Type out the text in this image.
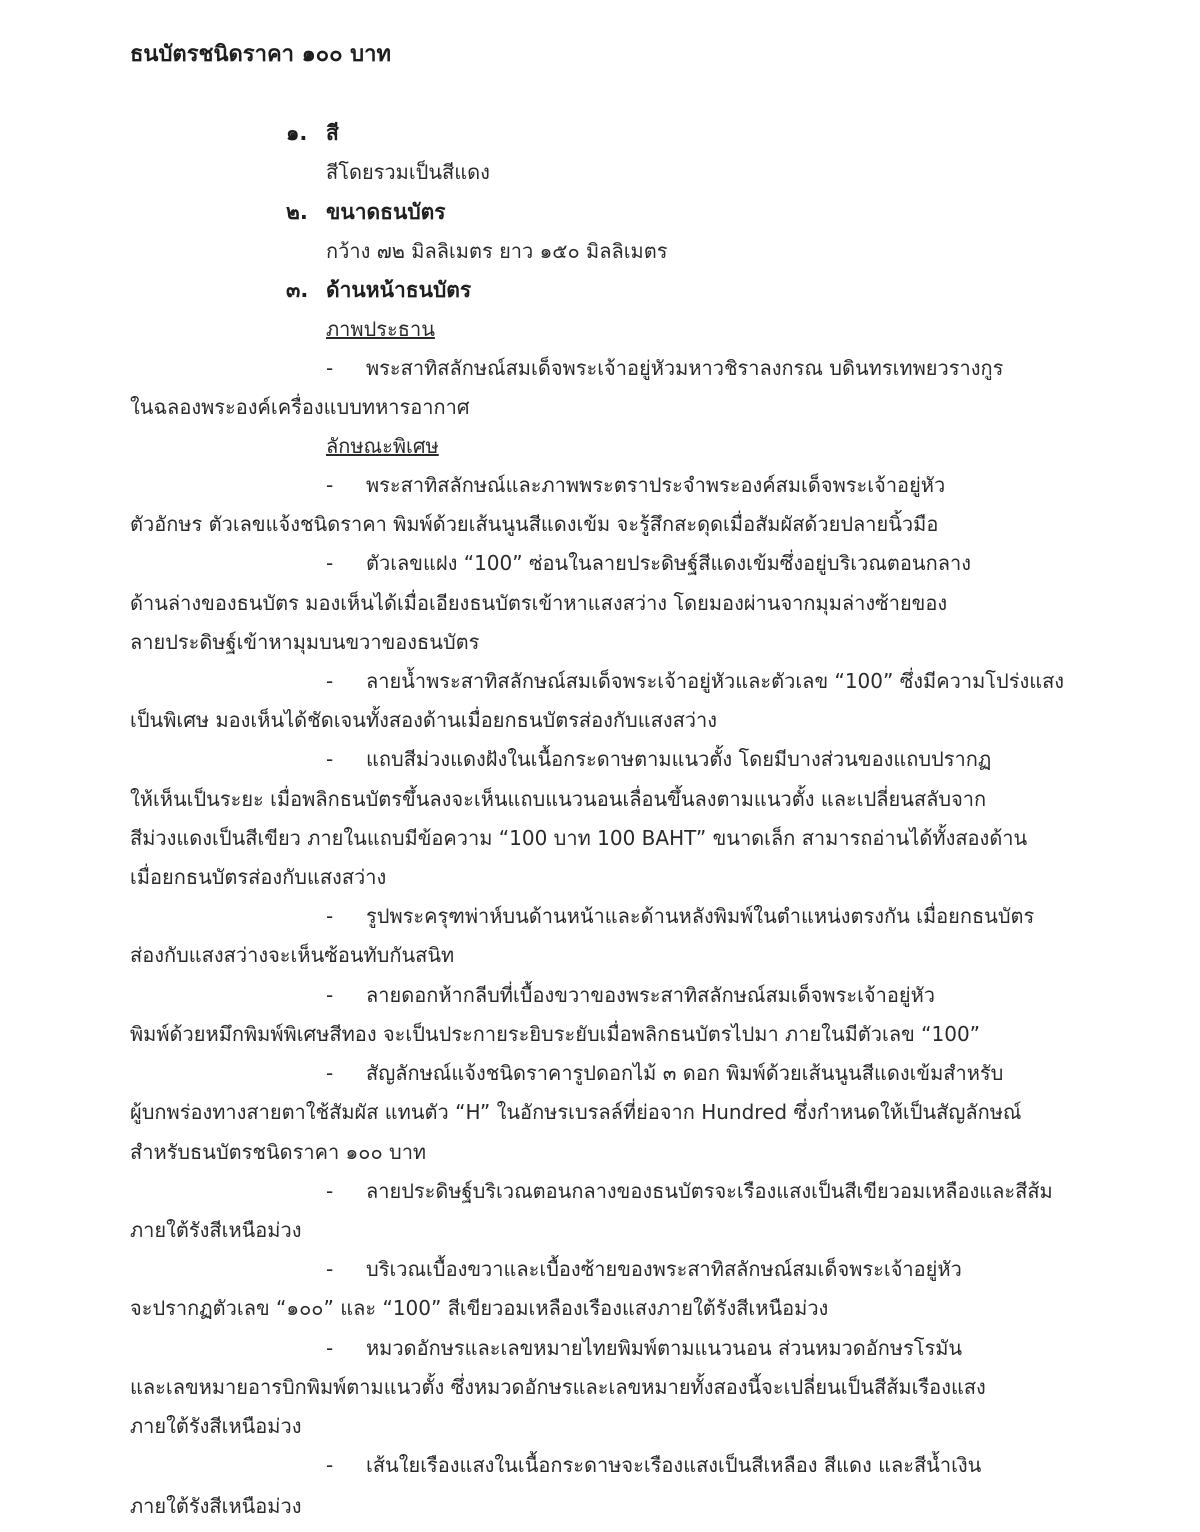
ธนบัตรชนิดราคา ๑๐๐ บาท
๑. สี
สีโดยรวมเป็นสีแดง
๒. ขนาดธนบัตร
กว้าง ๗๒ มิลลิเมตร ยาว ๑๕๐ มิลลิเมตร
๓. ด้านหน้าธนบัตร
ภาพประธาน
- พระสาทิสลักษณ์สมเด็จพระเจ้าอยู่หัวมหาวชิราลงกรณ บดินทรเทพยวรางกูร
ในฉลองพระองค์เครื่องแบบทหารอากาศ
ลักษณะพิเศษ
- พระสาทิสลักษณ์และภาพพระตราประจำพระองค์สมเด็จพระเจ้าอยู่หัว
ตัวอักษร ตัวเลขแจ้งชนิดราคา พิมพ์ด้วยเส้นนูนสีแดงเข้ม จะรู้สึกสะดุดเมื่อสัมผัสด้วยปลายนิ้วมือ
- ตัวเลขแฝง “100” ซ่อนในลายประดิษฐ์สีแดงเข้มซึ่งอยู่บริเวณตอนกลาง
ด้านล่างของธนบัตร มองเห็นได้เมื่อเอียงธนบัตรเข้าหาแสงสว่าง โดยมองผ่านจากมุมล่างซ้ายของ
ลายประดิษฐ์เข้าหามุมบนขวาของธนบัตร
- ลายน้ำพระสาทิสลักษณ์สมเด็จพระเจ้าอยู่หัวและตัวเลข “100” ซึ่งมีความโปร่งแสง
เป็นพิเศษ มองเห็นได้ชัดเจนทั้งสองด้านเมื่อยกธนบัตรส่องกับแสงสว่าง
- แถบสีม่วงแดงฝังในเนื้อกระดาษตามแนวตั้ง โดยมีบางส่วนของแถบปรากฏ
ให้เห็นเป็นระยะ เมื่อพลิกธนบัตรขึ้นลงจะเห็นแถบแนวนอนเลื่อนขึ้นลงตามแนวตั้ง และเปลี่ยนสลับจาก
สีม่วงแดงเป็นสีเขียว ภายในแถบมีข้อความ “100 บาท 100 BAHT” ขนาดเล็ก สามารถอ่านได้ทั้งสองด้าน
เมื่อยกธนบัตรส่องกับแสงสว่าง
- รูปพระครุฑพ่าห์บนด้านหน้าและด้านหลังพิมพ์ในตำแหน่งตรงกัน เมื่อยกธนบัตร
ส่องกับแสงสว่างจะเห็นซ้อนทับกันสนิท
- ลายดอกห้ากลีบที่เบื้องขวาของพระสาทิสลักษณ์สมเด็จพระเจ้าอยู่หัว
พิมพ์ด้วยหมึกพิมพ์พิเศษสีทอง จะเป็นประกายระยิบระยับเมื่อพลิกธนบัตรไปมา ภายในมีตัวเลข “100”
- สัญลักษณ์แจ้งชนิดราคารูปดอกไม้ ๓ ดอก พิมพ์ด้วยเส้นนูนสีแดงเข้มสำหรับ
ผู้บกพร่องทางสายตาใช้สัมผัส แทนตัว “H” ในอักษรเบรลล์ที่ย่อจาก Hundred ซึ่งกำหนดให้เป็นสัญลักษณ์
สำหรับธนบัตรชนิดราคา ๑๐๐ บาท
- ลายประดิษฐ์บริเวณตอนกลางของธนบัตรจะเรืองแสงเป็นสีเขียวอมเหลืองและสีส้ม
ภายใต้รังสีเหนือม่วง
- บริเวณเบื้องขวาและเบื้องซ้ายของพระสาทิสลักษณ์สมเด็จพระเจ้าอยู่หัว
จะปรากฏตัวเลข “๑๐๐” และ “100” สีเขียวอมเหลืองเรืองแสงภายใต้รังสีเหนือม่วง
- หมวดอักษรและเลขหมายไทยพิมพ์ตามแนวนอน ส่วนหมวดอักษรโรมัน
และเลขหมายอารบิกพิมพ์ตามแนวตั้ง ซึ่งหมวดอักษรและเลขหมายทั้งสองนี้จะเปลี่ยนเป็นสีส้มเรืองแสง
ภายใต้รังสีเหนือม่วง
- เส้นใยเรืองแสงในเนื้อกระดาษจะเรืองแสงเป็นสีเหลือง สีแดง และสีน้ำเงิน
ภายใต้รังสีเหนือม่วง
